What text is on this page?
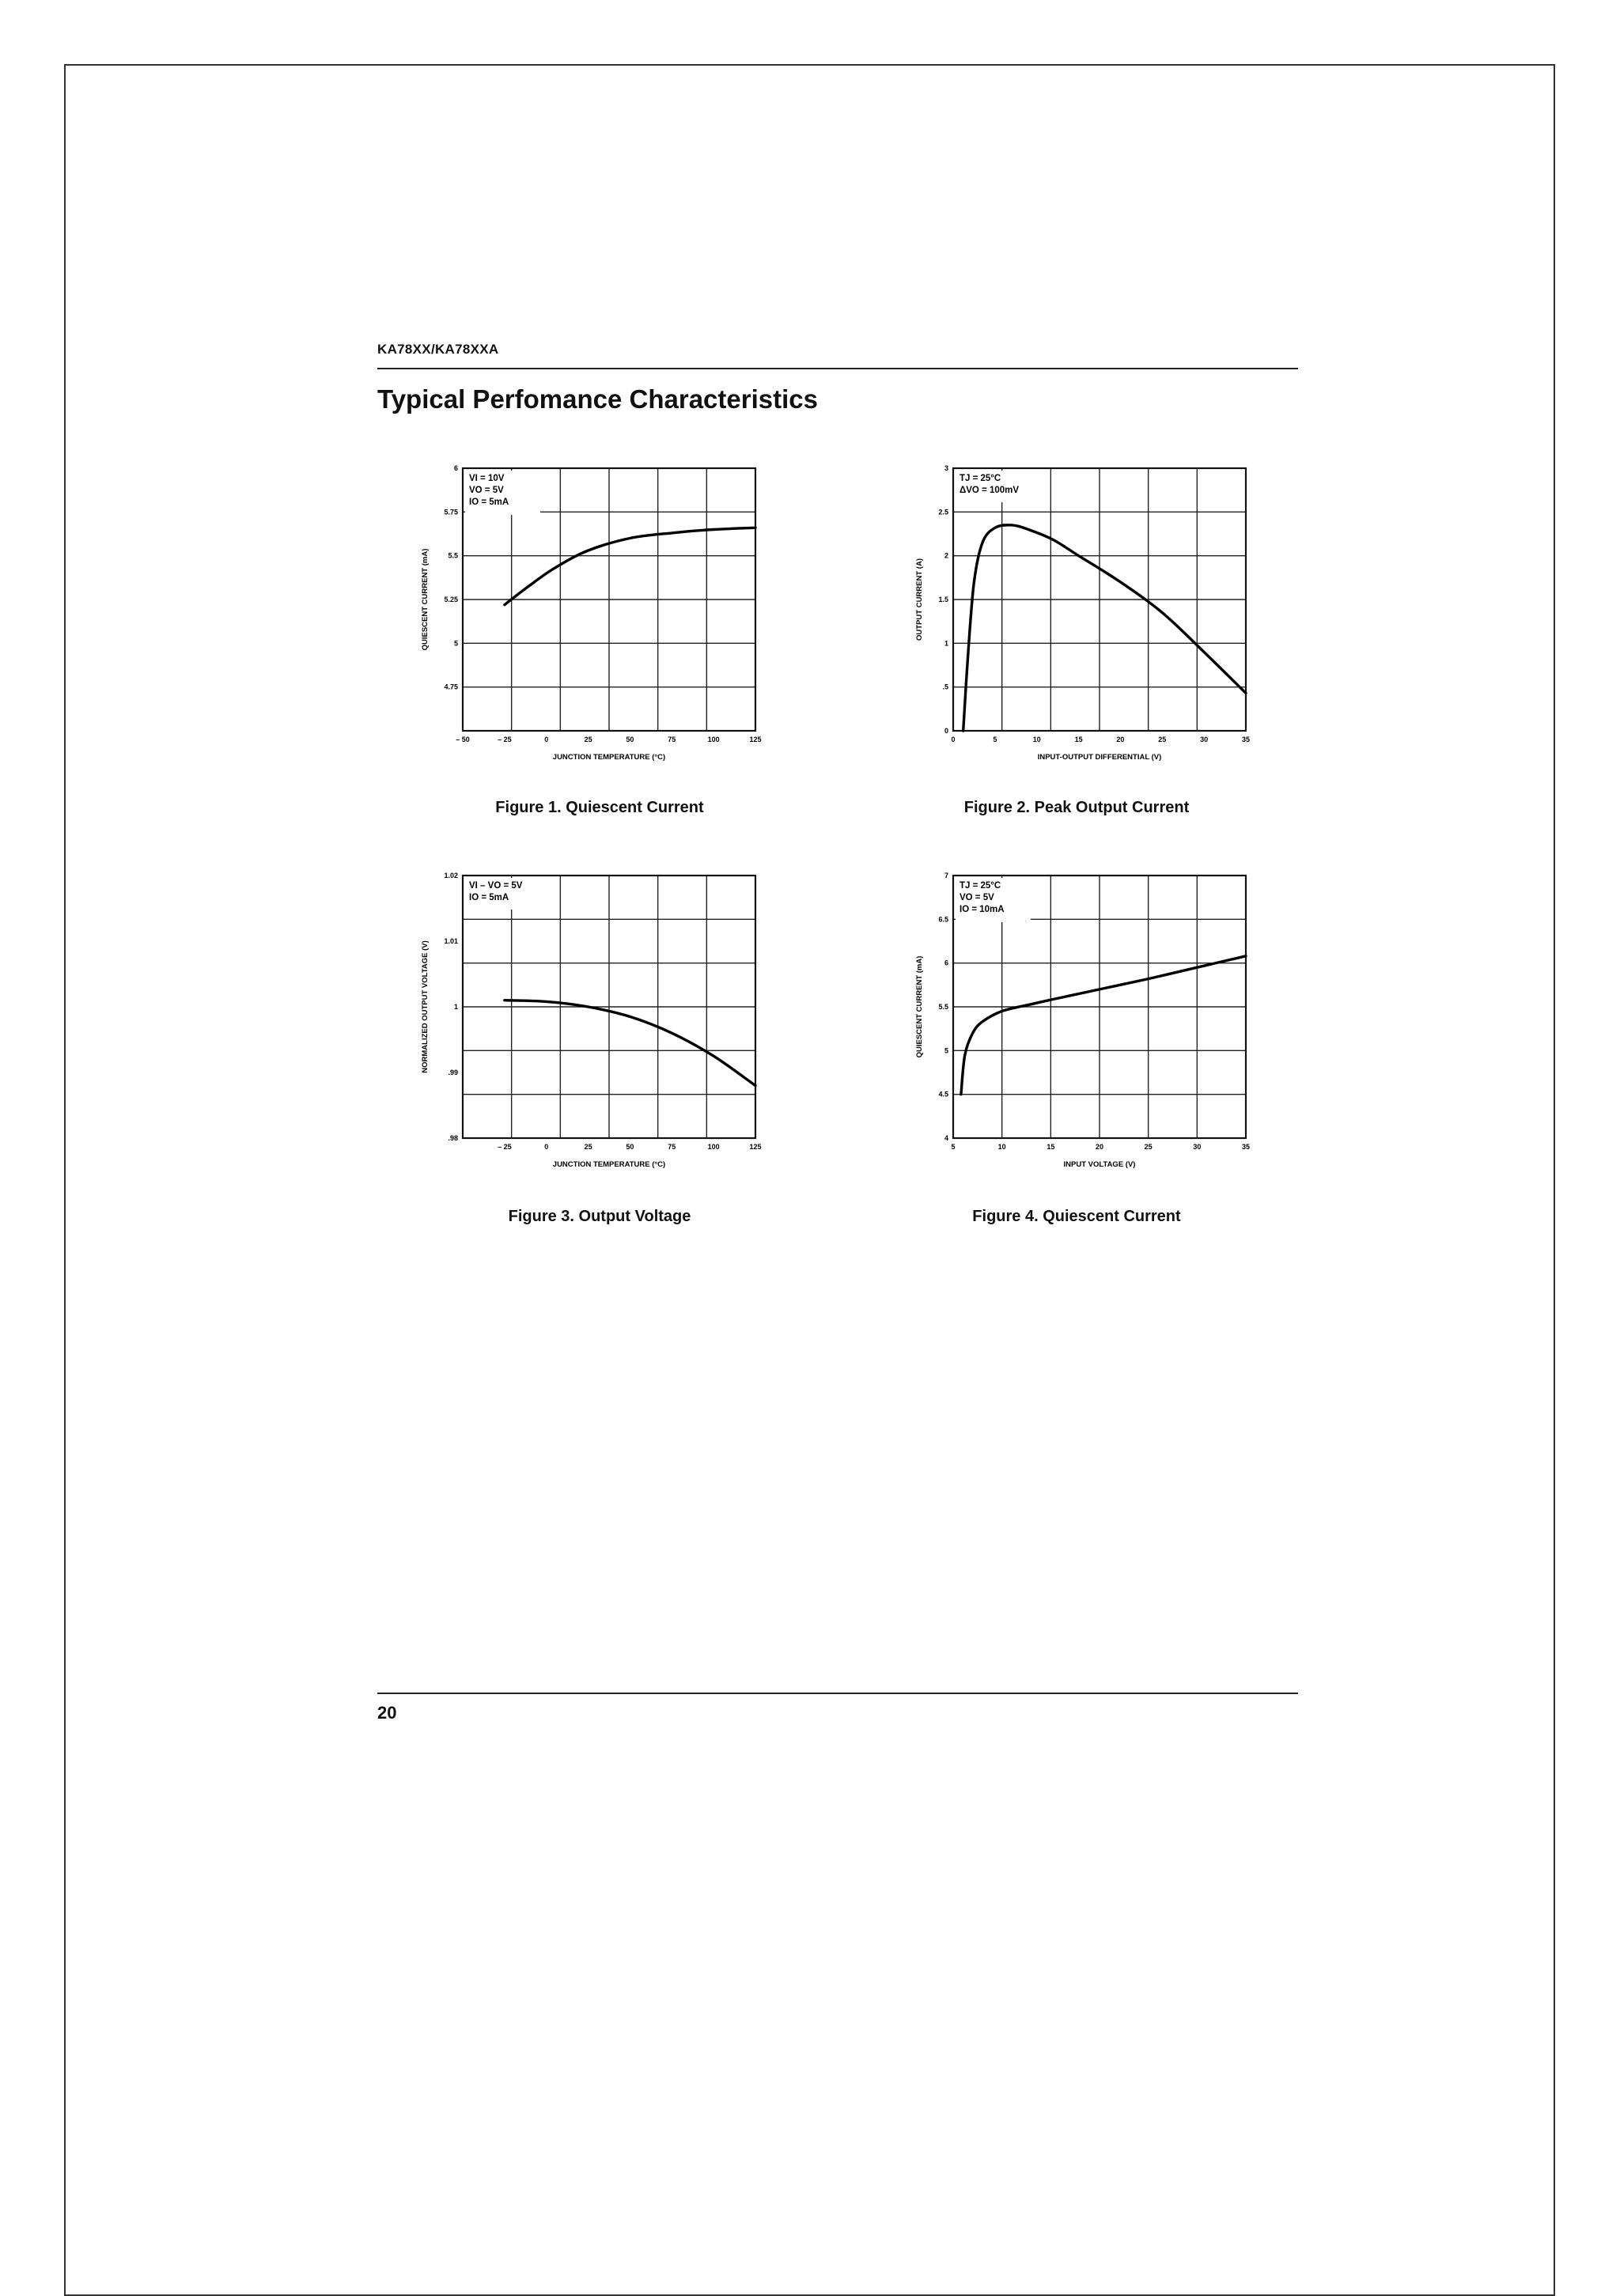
KA78XX/KA78XXA
Typical Perfomance Characteristics
– 50	– 25	0	25	50	75	100	125
6
5.75
5.5
5.25
5
4.75
JUNCTION TEMPERATURE (°C)
QUIESCENT CURRENT (mA)
VI = 10V
VO = 5V
IO = 5mA
0	5	10	15	20	25	30	35
3
2.5
2
1.5
1
.5
0
INPUT-OUTPUT DIFFERENTIAL (V)
OUTPUT CURRENT (A)
TJ = 25°C
ΔVO = 100mV
– 25	0	25	50	75	100	125
1.02
1.01
1
.99
.98
JUNCTION TEMPERATURE (°C)
NORMALIZED OUTPUT VOLTAGE (V)
VI – VO = 5V
IO = 5mA
5	10	15	20	25	30	35
7
6.5
6
5.5
5
4.5
4
INPUT VOLTAGE (V)
QUIESCENT CURRENT (mA)
TJ = 25°C
VO = 5V
IO = 10mA
Figure 1. Quiescent Current	Figure 2. Peak Output Current
Figure 3. Output Voltage	Figure 4. Quiescent Current
20
